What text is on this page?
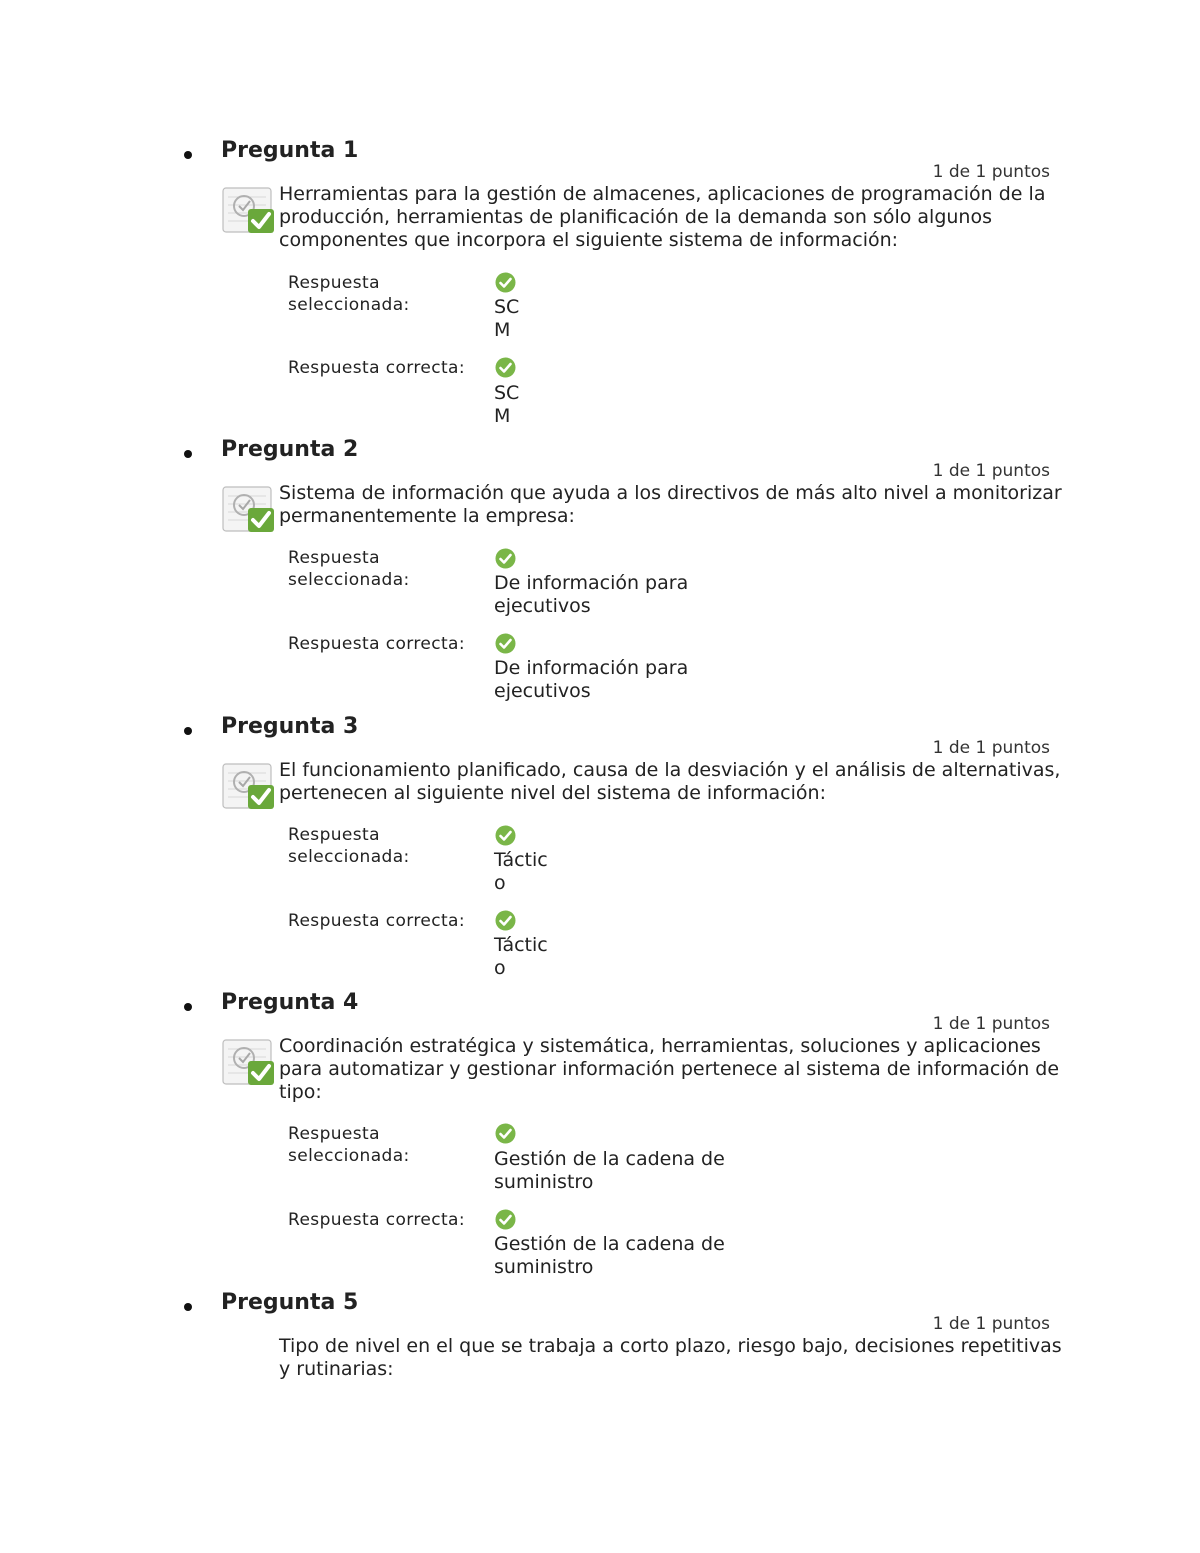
Pregunta 1
1 de 1 puntos
Herramientas para la gestión de almacenes, aplicaciones de programación de la producción, herramientas de planificación de la demanda son sólo algunos componentes que incorpora el siguiente sistema de información:
Respuesta seleccionada:	SCM
Respuesta correcta:
SCM
Pregunta 2
1 de 1 puntos
Sistema de información que ayuda a los directivos de más alto nivel a monitorizar permanentemente la empresa:
Respuesta seleccionada:	De información para ejecutivos
Respuesta correcta:
De información para ejecutivos
Pregunta 3
1 de 1 puntos
El funcionamiento planificado, causa de la desviación y el análisis de alternativas, pertenecen al siguiente nivel del sistema de información:
Respuesta seleccionada:	Táctico
Respuesta correcta:
Táctico
Pregunta 4
1 de 1 puntos
Coordinación estratégica y sistemática, herramientas, soluciones y aplicaciones para automatizar y gestionar información pertenece al sistema de información de tipo:
Respuesta seleccionada:	Gestión de la cadena de suministro
Respuesta correcta:
Gestión de la cadena de suministro
Pregunta 5
1 de 1 puntos
Tipo de nivel en el que se trabaja a corto plazo, riesgo bajo, decisiones repetitivas y rutinarias:
